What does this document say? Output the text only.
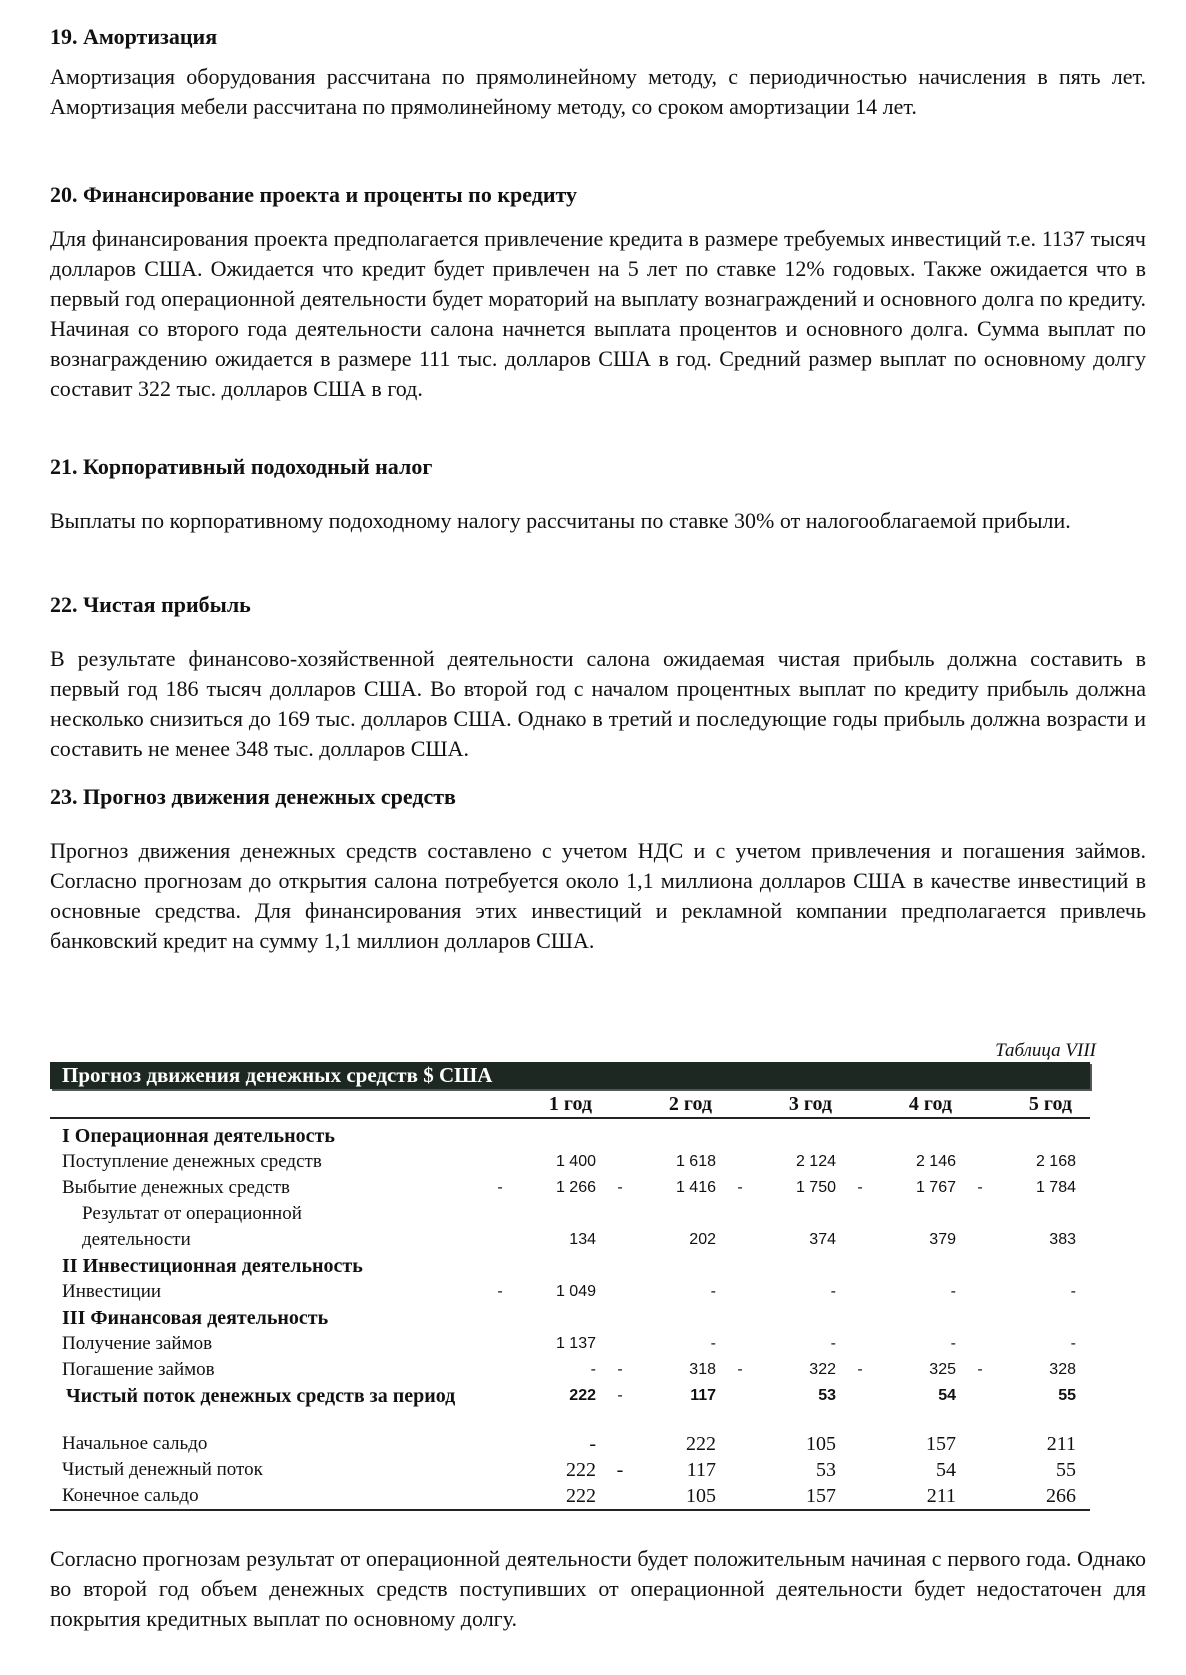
19. Амортизация

Амортизация оборудования рассчитана по прямолинейному методу, с периодичностью начисления в пять лет. Амортизация мебели рассчитана по прямолинейному методу, со сроком амортизации 14 лет.

20. Финансирование проекта и проценты по кредиту

Для финансирования проекта предполагается привлечение кредита в размере требуемых инвестиций т.е. 1137 тысяч долларов США. Ожидается что кредит будет привлечен на 5 лет по ставке 12% годовых. Также ожидается что в первый год операционной деятельности будет мораторий на выплату вознаграждений и основного долга по кредиту. Начиная со второго года деятельности салона начнется выплата процентов и основного долга. Сумма выплат по вознаграждению ожидается в размере 111 тыс. долларов США в год. Средний размер выплат по основному долгу составит 322 тыс. долларов США в год.

21. Корпоративный подоходный налог

Выплаты по корпоративному подоходному налогу рассчитаны по ставке 30% от налогооблагаемой прибыли.

22. Чистая прибыль

В результате финансово-хозяйственной деятельности салона ожидаемая чистая прибыль должна составить в первый год 186 тысяч долларов США. Во второй год с началом процентных выплат по кредиту прибыль должна несколько снизиться до 169 тыс. долларов США. Однако в третий и последующие годы прибыль должна возрасти и составить не менее 348 тыс. долларов США.

23. Прогноз движения денежных средств

Прогноз движения денежных средств составлено с учетом НДС и с учетом привлечения и погашения займов. Согласно прогнозам до открытия салона потребуется около 1,1 миллиона долларов США в качестве инвестиций в основные средства. Для финансирования этих инвестиций и рекламной компании предполагается привлечь банковский кредит на сумму 1,1 миллион долларов США.

Таблица VIII
Прогноз движения денежных средств $ США
1 год	2 год	3 год	4 год	5 год
I Операционная деятельность
Поступление денежных средств	1 400	1 618	2 124	2 146	2 168
Выбытие денежных средств	-	1 266	-	1 416	-	1 750	-	1 767	-	1 784
Результат от операционной
деятельности	134	202	374	379	383
II Инвестиционная деятельность
Инвестиции	-	1 049	-	-	-	-
III Финансовая деятельность
Получение займов	1 137	-	-	-	-
Погашение займов	-	-	318	-	322	-	325	-	328
Чистый поток денежных средств за период	222	-	117	53	54	55
Начальное сальдо	-	222	105	157	211
Чистый денежный поток	222	-	117	53	54	55
Конечное сальдо	222	105	157	211	266

Согласно прогнозам результат от операционной деятельности будет положительным начиная с первого года. Однако во второй год объем денежных средств поступивших от операционной деятельности будет недостаточен для покрытия кредитных выплат по основному долгу.
